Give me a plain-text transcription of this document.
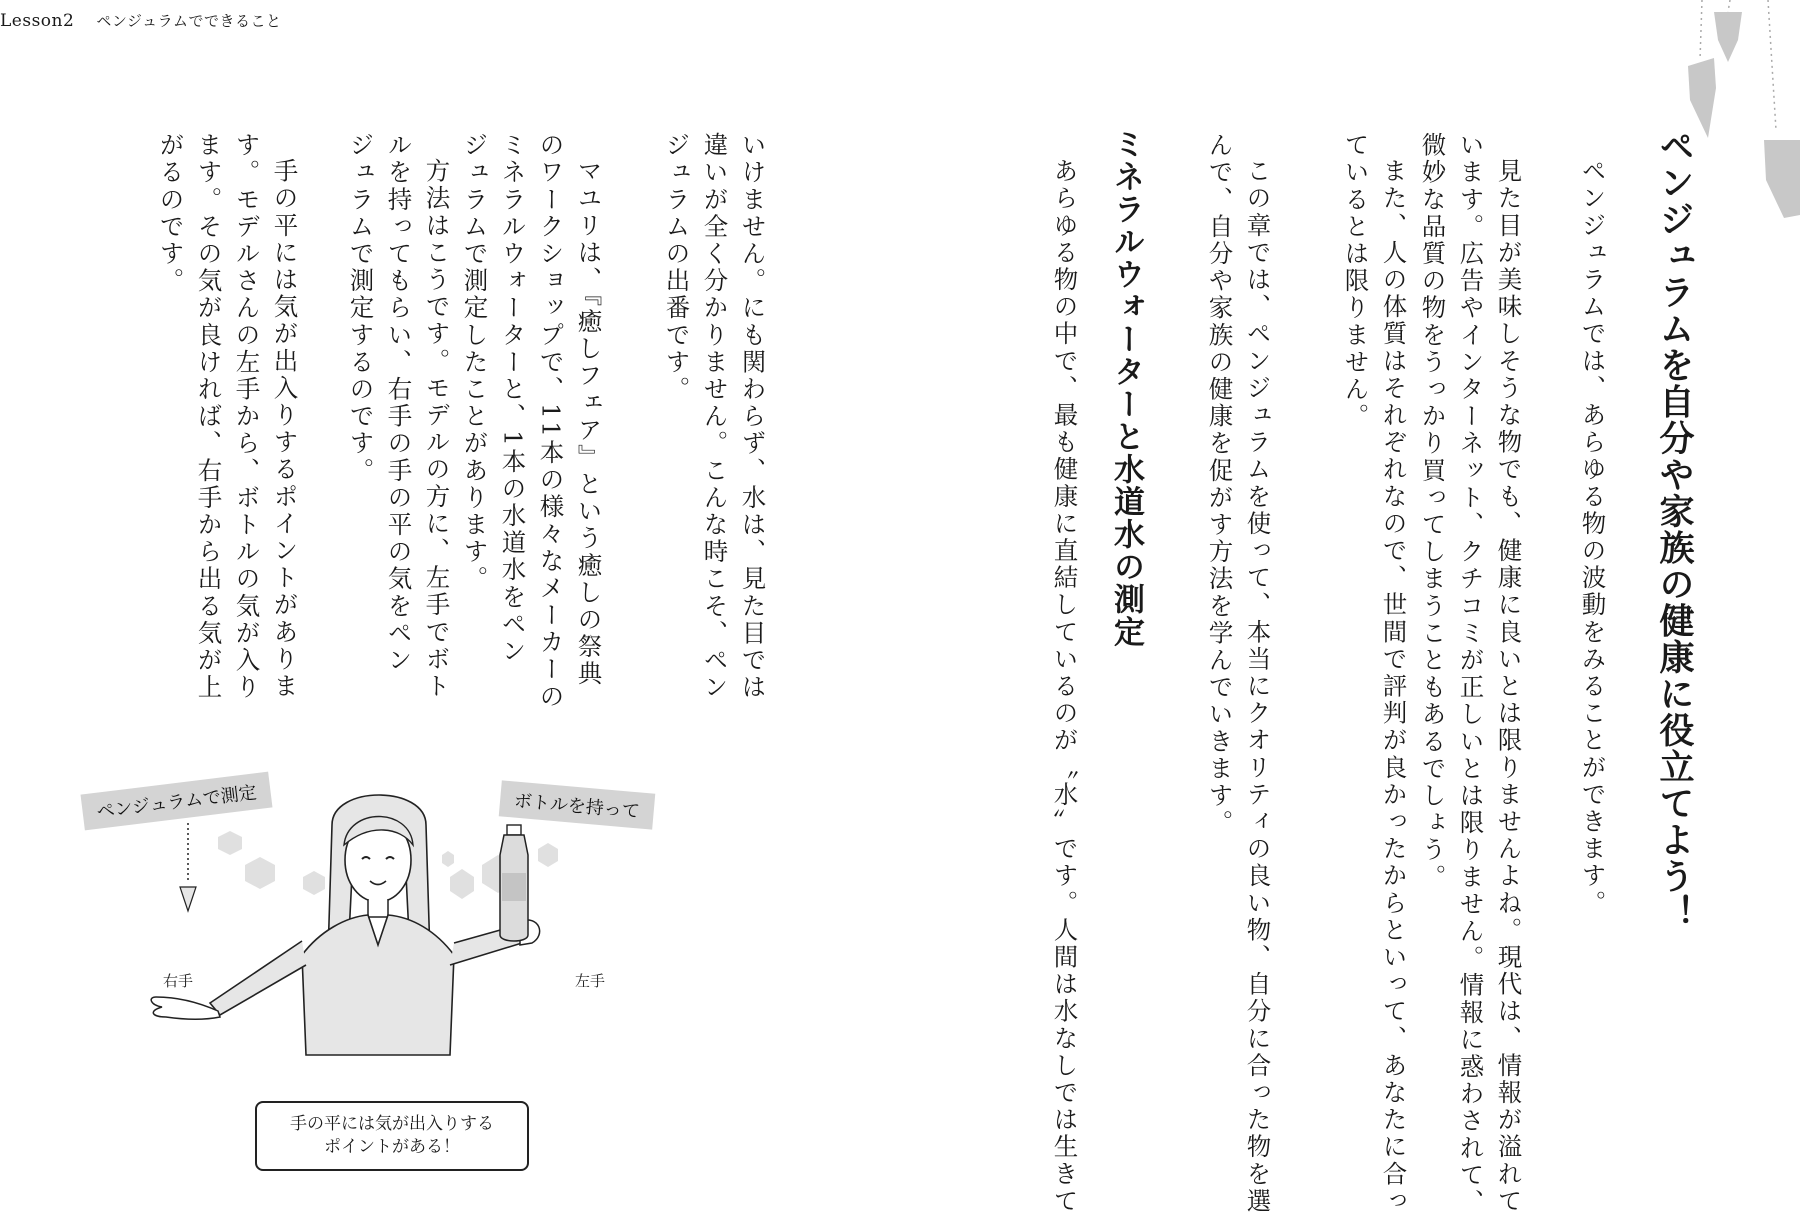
Lesson2 ペンジュラムでできること
ペンジュラムを自分や家族の健康に役立てよう！
ペンジュラムでは、あらゆる物の波動をみることができます。
見た目が美味しそうな物でも、健康に良いとは限りませんよね。現代は、情報が溢れて
います。広告やインターネット、クチコミが正しいとは限りません。情報に惑わされて、
微妙な品質の物をうっかり買ってしまうこともあるでしょう。
また、人の体質はそれぞれなので、世間で評判が良かったからといって、あなたに合っ
ているとは限りません。
この章では、ペンジュラムを使って、本当にクオリティの良い物、自分に合った物を選
んで、自分や家族の健康を促がす方法を学んでいきます。
ミネラルウォーターと水道水の測定
あらゆる物の中で、最も健康に直結しているのが〝水〟です。人間は水なしでは生きて
いけません。にも関わらず、水は、見た目では
違いが全く分かりません。こんな時こそ、ペン
ジュラムの出番です。
マユリは、『癒しフェア』という癒しの祭典
のワークショップで、11本の様々なメーカーの
ミネラルウォーターと、1本の水道水をペン
ジュラムで測定したことがあります。
方法はこうです。モデルの方に、左手でボト
ルを持ってもらい、右手の手の平の気をペン
ジュラムで測定するのです。
手の平には気が出入りするポイントがありま
す。モデルさんの左手から、ボトルの気が入り
ます。その気が良ければ、右手から出る気が上
がるのです。
ペンジュラムで測定	ボトルを持って
右手	左手
手の平には気が出入りする
ポイントがある！
